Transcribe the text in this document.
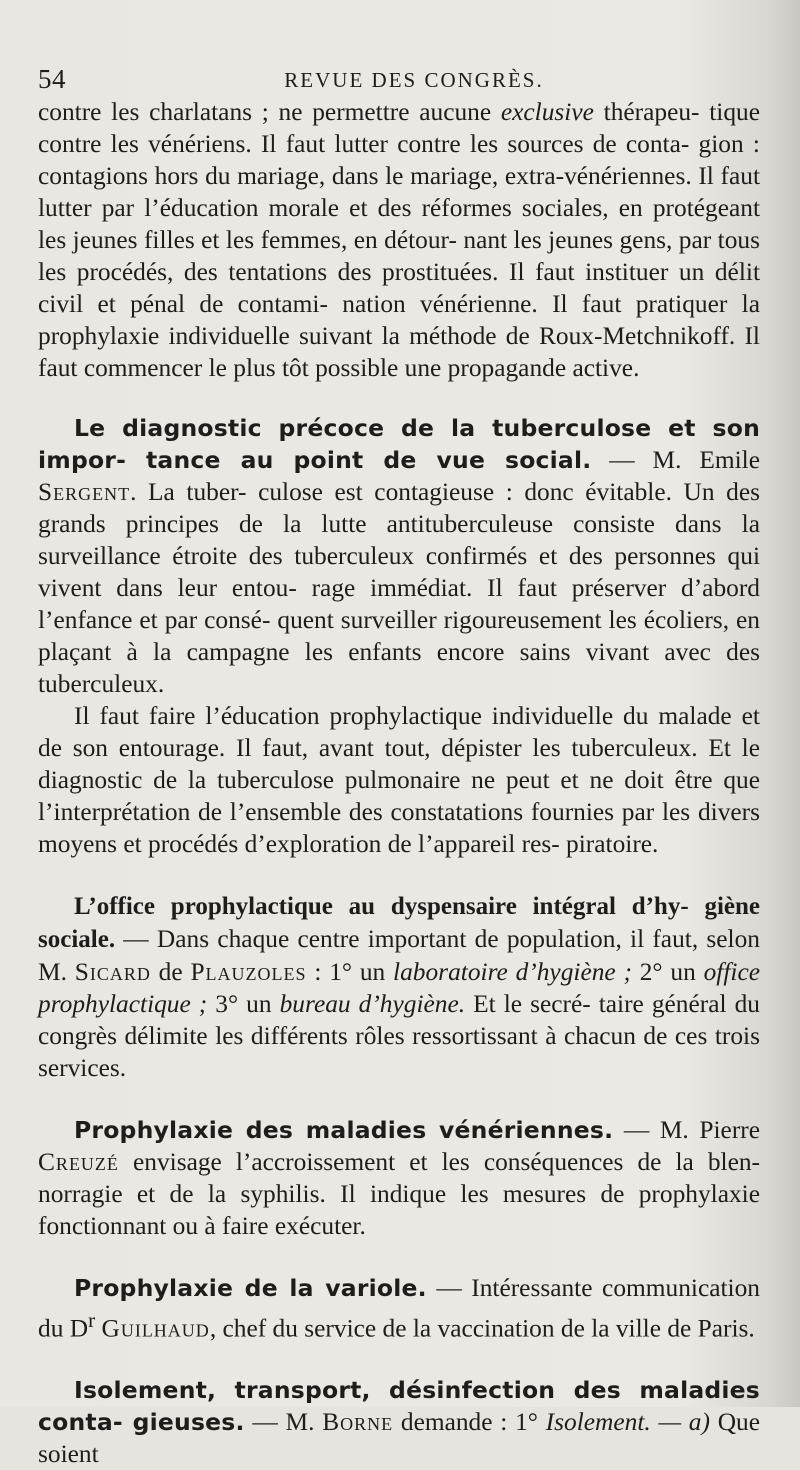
54	REVUE DES CONGRÈS.

contre les charlatans ; ne permettre aucune exclusive thérapeu- tique contre les vénériens. Il faut lutter contre les sources de conta- gion : contagions hors du mariage, dans le mariage, extra-vénériennes. Il faut lutter par l’éducation morale et des réformes sociales, en protégeant les jeunes filles et les femmes, en détour- nant les jeunes gens, par tous les procédés, des tentations des prostituées. Il faut instituer un délit civil et pénal de contami- nation vénérienne. Il faut pratiquer la prophylaxie individuelle suivant la méthode de Roux-Metchnikoff. Il faut commencer le plus tôt possible une propagande active.

Le diagnostic précoce de la tuberculose et son impor- tance au point de vue social. — M. Emile Sergent. La tuber- culose est contagieuse : donc évitable. Un des grands principes de la lutte antituberculeuse consiste dans la surveillance étroite des tuberculeux confirmés et des personnes qui vivent dans leur entou- rage immédiat. Il faut préserver d’abord l’enfance et par consé- quent surveiller rigoureusement les écoliers, en plaçant à la campagne les enfants encore sains vivant avec des tuberculeux.

Il faut faire l’éducation prophylactique individuelle du malade et de son entourage. Il faut, avant tout, dépister les tuberculeux. Et le diagnostic de la tuberculose pulmonaire ne peut et ne doit être que l’interprétation de l’ensemble des constatations fournies par les divers moyens et procédés d’exploration de l’appareil res- piratoire.

L’office prophylactique au dyspensaire intégral d’hy- giène sociale. — Dans chaque centre important de population, il faut, selon M. Sicard de Plauzoles : 1° un laboratoire d’hygiène ; 2° un office prophylactique ; 3° un bureau d’hygiène. Et le secré- taire général du congrès délimite les différents rôles ressortissant à chacun de ces trois services.

Prophylaxie des maladies vénériennes. — M. Pierre Creuzé envisage l’accroissement et les conséquences de la blen- norragie et de la syphilis. Il indique les mesures de prophylaxie fonctionnant ou à faire exécuter.

Prophylaxie de la variole. — Intéressante communication du $D^r$ Guilhaud, chef du service de la vaccination de la ville de Paris.

Isolement, transport, désinfection des maladies conta- gieuses. — M. Borne demande : 1° Isolement. — a) Que soient
